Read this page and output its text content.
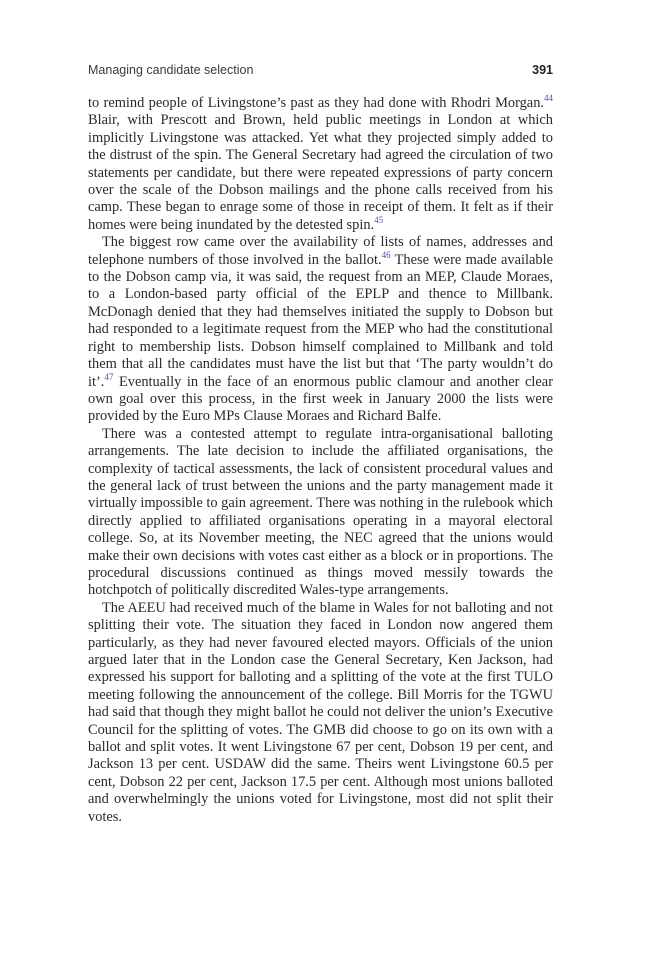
Managing candidate selection	391

to remind people of Livingstone’s past as they had done with Rhodri Morgan.$^{44}$ Blair, with Prescott and Brown, held public meetings in London at which implicitly Livingstone was attacked. Yet what they projected simply added to the distrust of the spin. The General Secretary had agreed the circulation of two statements per candidate, but there were repeated expressions of party concern over the scale of the Dobson mailings and the phone calls received from his camp. These began to enrage some of those in receipt of them. It felt as if their homes were being inundated by the detested spin.$^{45}$

The biggest row came over the availability of lists of names, addresses and telephone numbers of those involved in the ballot.$^{46}$ These were made available to the Dobson camp via, it was said, the request from an MEP, Claude Moraes, to a London-based party official of the EPLP and thence to Millbank. McDonagh denied that they had themselves initiated the supply to Dobson but had responded to a legitimate request from the MEP who had the constitutional right to membership lists. Dobson himself complained to Millbank and told them that all the candidates must have the list but that ‘The party wouldn’t do it’.$^{47}$ Eventually in the face of an enormous public clamour and another clear own goal over this process, in the first week in January 2000 the lists were provided by the Euro MPs Clause Moraes and Richard Balfe.

There was a contested attempt to regulate intra-organisational balloting arrangements. The late decision to include the affiliated organisations, the complexity of tactical assessments, the lack of consistent procedural values and the general lack of trust between the unions and the party management made it virtually impossible to gain agreement. There was nothing in the rulebook which directly applied to affiliated organisations operating in a mayoral electoral college. So, at its November meeting, the NEC agreed that the unions would make their own decisions with votes cast either as a block or in proportions. The procedural discussions continued as things moved messily towards the hotchpotch of politically discredited Wales-type arrangements.

The AEEU had received much of the blame in Wales for not balloting and not splitting their vote. The situation they faced in London now angered them particularly, as they had never favoured elected mayors. Officials of the union argued later that in the London case the General Secretary, Ken Jackson, had expressed his support for balloting and a splitting of the vote at the first TULO meeting following the announcement of the college. Bill Morris for the TGWU had said that though they might ballot he could not deliver the union’s Executive Council for the splitting of votes. The GMB did choose to go on its own with a ballot and split votes. It went Livingstone 67 per cent, Dobson 19 per cent, and Jackson 13 per cent. USDAW did the same. Theirs went Livingstone 60.5 per cent, Dobson 22 per cent, Jackson 17.5 per cent. Although most unions balloted and overwhelmingly the unions voted for Livingstone, most did not split their votes.
